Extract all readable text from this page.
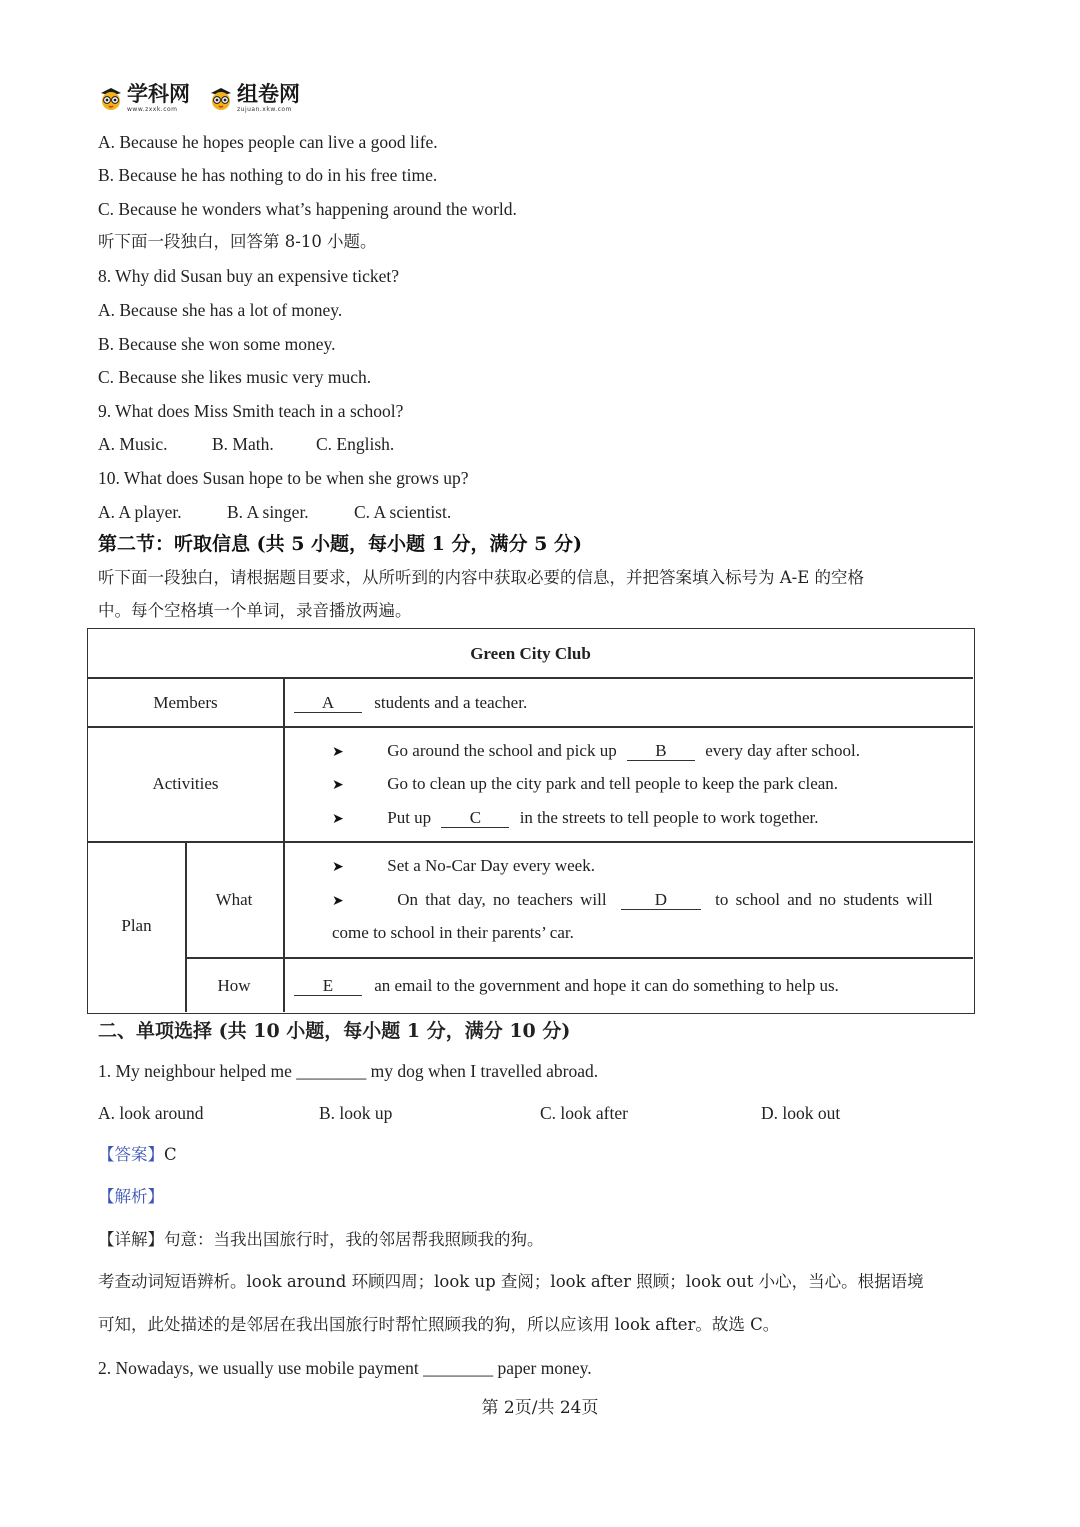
学科网
www.zxxk.com
组卷网
zujuan.xkw.com
A. Because he hopes people can live a good life.
B. Because he has nothing to do in his free time.
C. Because he wonders what’s happening around the world.
听下面一段独白，回答第 8-10 小题。
8. Why did Susan buy an expensive ticket?
A. Because she has a lot of money.
B. Because she won some money.
C. Because she likes music very much.
9. What does Miss Smith teach in a school?
A. Music.	B. Math. C. English.
10. What does Susan hope to be when she grows up?
A. A player.	B. A singer.	C. A scientist.
第二节：听取信息 (共 5 小题，每小题 1 分，满分 5 分)
听下面一段独白，请根据题目要求，从所听到的内容中获取必要的信息，并把答案填入标号为 A-E 的空格
中。每个空格填一个单词，录音播放两遍。
Green City Club
Members	A students and a teacher.
Activities
➤	Go around the school and pick up B every day after school.
➤	Go to clean up the city park and tell people to keep the park clean.
➤	Put up C in the streets to tell people to work together.
Plan
What
➤	Set a No-Car Day every week.
➤	On that day, no teachers will	D	to school and no students will
come to school in their parents’ car.
How	E an email to the government and hope it can do something to help us.
二、单项选择 (共 10 小题，每小题 1 分，满分 10 分)
1. My neighbour helped me ________ my dog when I travelled abroad.
A. look around	B. look up	C. look after	D. look out
【答案】C
【解析】
【详解】句意：当我出国旅行时，我的邻居帮我照顾我的狗。
考查动词短语辨析。look around 环顾四周；look up 查阅；look after 照顾；look out 小心，当心。根据语境
可知，此处描述的是邻居在我出国旅行时帮忙照顾我的狗，所以应该用 look after。故选 C。
2. Nowadays, we usually use mobile payment ________ paper money.
第 2页/共 24页
